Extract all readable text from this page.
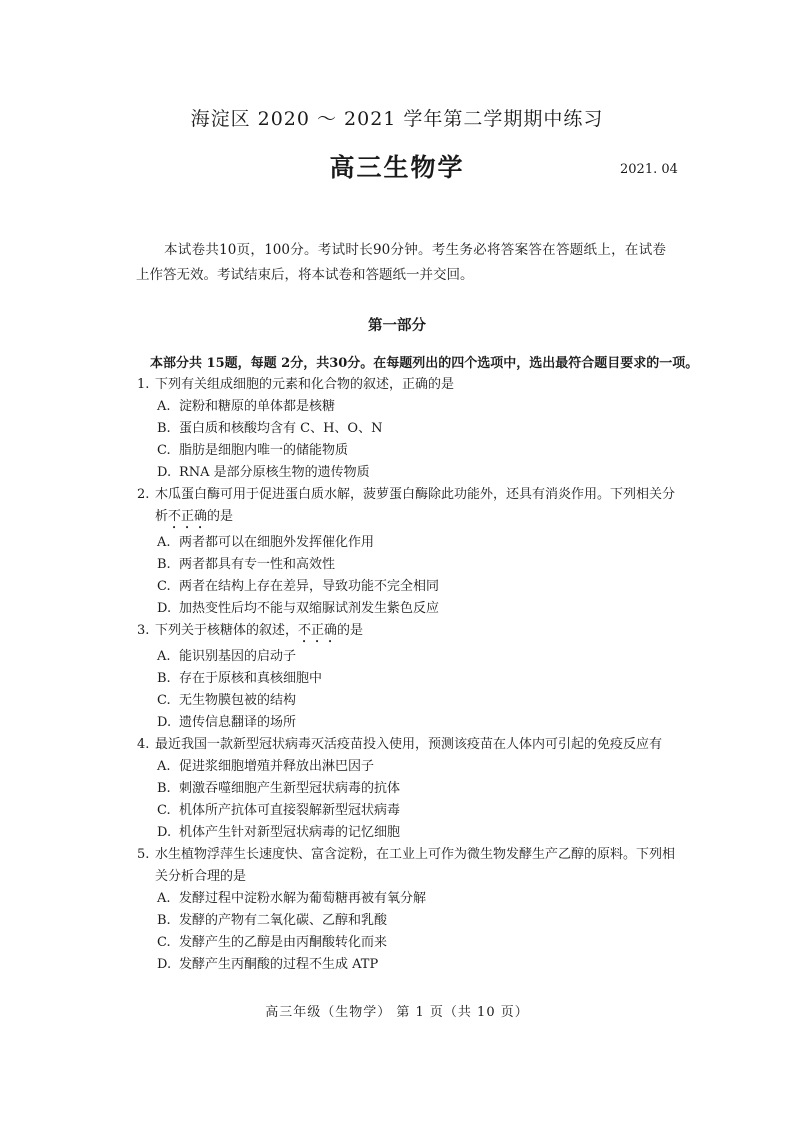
海淀区 2020 ～ 2021 学年第二学期期中练习
高三生物学	2021. 04
本试卷共10页，100分。考试时长90分钟。考生务必将答案答在答题纸上，在试卷上作答无效。考试结束后，将本试卷和答题纸一并交回。
第一部分
本部分共 15题，每题 2分，共30分。在每题列出的四个选项中，选出最符合题目要求的一项。
1. 下列有关组成细胞的元素和化合物的叙述，正确的是
A. 淀粉和糖原的单体都是核糖
B. 蛋白质和核酸均含有 C、H、O、N
C. 脂肪是细胞内唯一的储能物质
D. RNA 是部分原核生物的遗传物质
2. 木瓜蛋白酶可用于促进蛋白质水解，菠萝蛋白酶除此功能外，还具有消炎作用。下列相关分析不正确的是
A. 两者都可以在细胞外发挥催化作用
B. 两者都具有专一性和高效性
C. 两者在结构上存在差异，导致功能不完全相同
D. 加热变性后均不能与双缩脲试剂发生紫色反应
3. 下列关于核糖体的叙述，不正确的是
A. 能识别基因的启动子
B. 存在于原核和真核细胞中
C. 无生物膜包被的结构
D. 遗传信息翻译的场所
4. 最近我国一款新型冠状病毒灭活疫苗投入使用，预测该疫苗在人体内可引起的免疫反应有
A. 促进浆细胞增殖并释放出淋巴因子
B. 刺激吞噬细胞产生新型冠状病毒的抗体
C. 机体所产抗体可直接裂解新型冠状病毒
D. 机体产生针对新型冠状病毒的记忆细胞
5. 水生植物浮萍生长速度快、富含淀粉，在工业上可作为微生物发酵生产乙醇的原料。下列相关分析合理的是
A. 发酵过程中淀粉水解为葡萄糖再被有氧分解
B. 发酵的产物有二氧化碳、乙醇和乳酸
C. 发酵产生的乙醇是由丙酮酸转化而来
D. 发酵产生丙酮酸的过程不生成 ATP
高三年级（生物学） 第 1 页（共 10 页）
